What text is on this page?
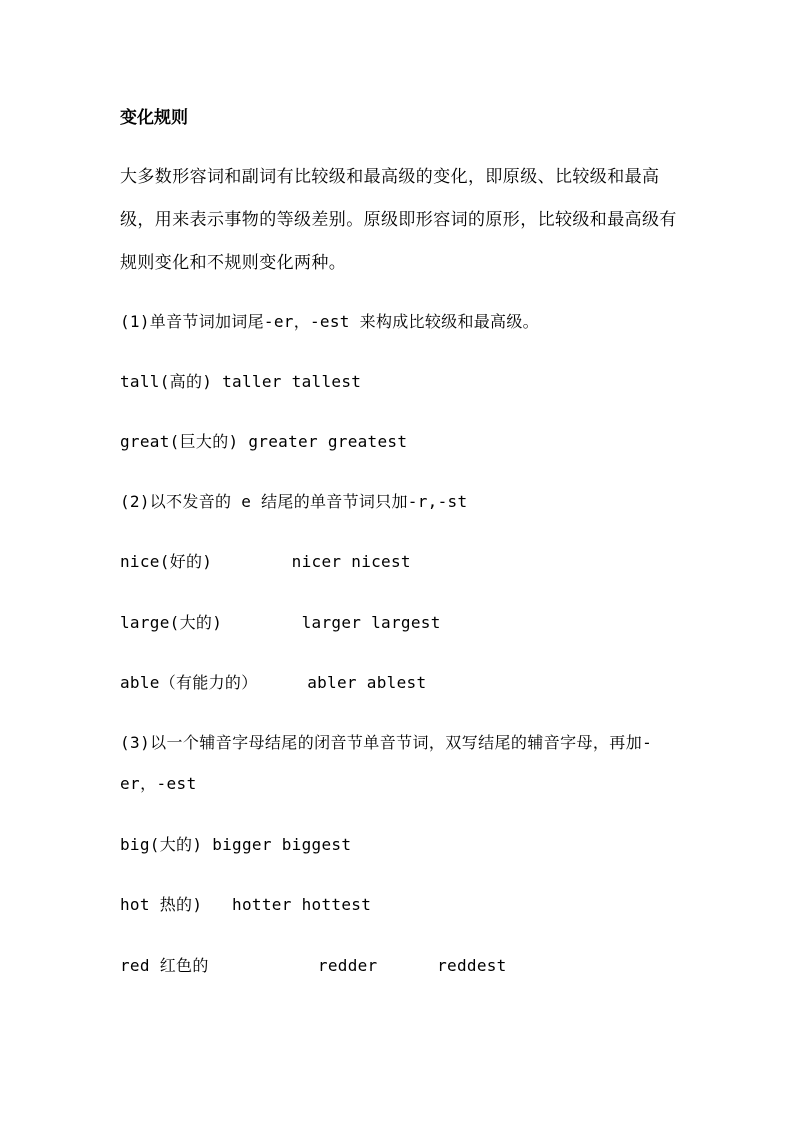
变化规则
大多数形容词和副词有比较级和最高级的变化，即原级、比较级和最高级，用来表示事物的等级差别。原级即形容词的原形，比较级和最高级有规则变化和不规则变化两种。
(1)单音节词加词尾-er，-est 来构成比较级和最高级。
tall(高的) taller tallest
great(巨大的) greater greatest
(2)以不发音的 e 结尾的单音节词只加-r,-st
nice(好的)        nicer nicest
large(大的)        larger largest
able（有能力的）     abler ablest
(3)以一个辅音字母结尾的闭音节单音节词，双写结尾的辅音字母，再加-er，-est
big(大的) bigger biggest
hot 热的)   hotter hottest
red 红色的           redder      reddest
